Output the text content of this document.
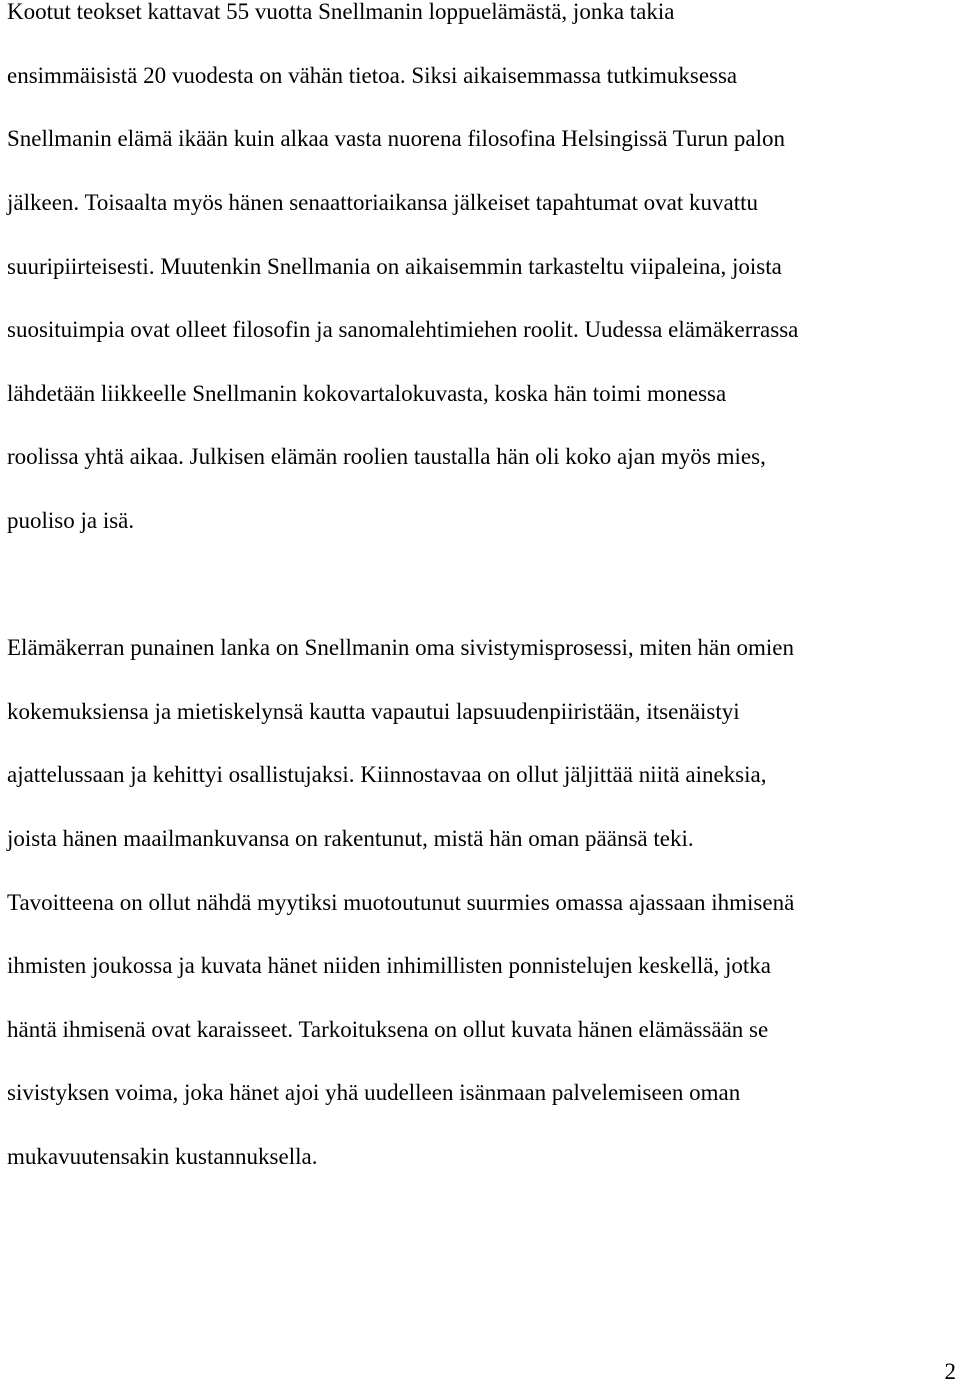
Kootut teokset kattavat 55 vuotta Snellmanin loppuelämästä, jonka takia
ensimmäisistä 20 vuodesta on vähän tietoa. Siksi aikaisemmassa tutkimuksessa
Snellmanin elämä ikään kuin alkaa vasta nuorena filosofina Helsingissä Turun palon
jälkeen. Toisaalta myös hänen senaattoriaikansa jälkeiset tapahtumat ovat kuvattu
suuripiirteisesti. Muutenkin Snellmania on aikaisemmin tarkasteltu viipaleina, joista
suosituimpia ovat olleet filosofin ja sanomalehtimiehen roolit. Uudessa elämäkerrassa
lähdetään liikkeelle Snellmanin kokovartalokuvasta, koska hän toimi monessa
roolissa yhtä aikaa. Julkisen elämän roolien taustalla hän oli koko ajan myös mies,
puoliso ja isä.
Elämäkerran punainen lanka on Snellmanin oma sivistymisprosessi, miten hän omien
kokemuksiensa ja mietiskelynsä kautta vapautui lapsuudenpiiristään, itsenäistyi
ajattelussaan ja kehittyi osallistujaksi. Kiinnostavaa on ollut jäljittää niitä aineksia,
joista hänen maailmankuvansa on rakentunut, mistä hän oman päänsä teki.
Tavoitteena on ollut nähdä myytiksi muotoutunut suurmies omassa ajassaan ihmisenä
ihmisten joukossa ja kuvata hänet niiden inhimillisten ponnistelujen keskellä, jotka
häntä ihmisenä ovat karaisseet. Tarkoituksena on ollut kuvata hänen elämässään se
sivistyksen voima, joka hänet ajoi yhä uudelleen isänmaan palvelemiseen oman
mukavuutensakin kustannuksella.
2
